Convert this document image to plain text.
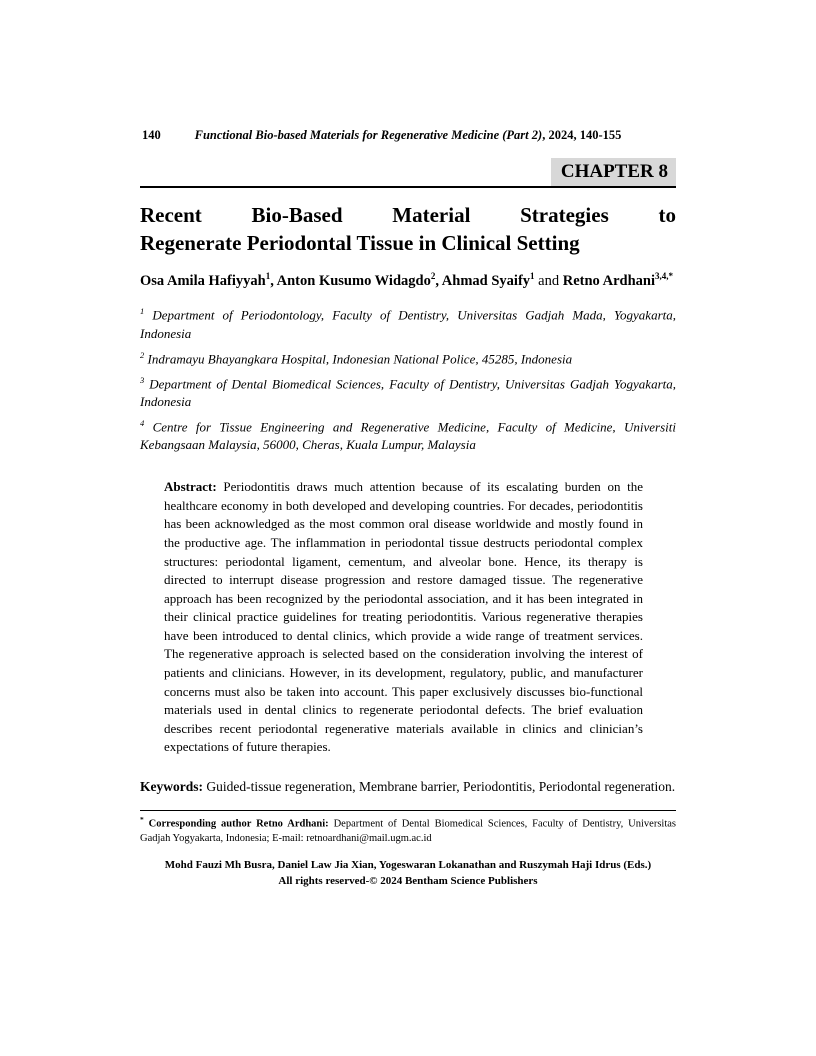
140	Functional Bio-based Materials for Regenerative Medicine (Part 2), 2024, 140-155
CHAPTER 8
Recent Bio-Based Material Strategies to
Regenerate Periodontal Tissue in Clinical Setting

Osa Amila Hafiyyah$^1$, Anton Kusumo Widagdo$^2$, Ahmad Syaify$^1$ and Retno Ardhani$^{3,4,*}$

$^1$ Department of Periodontology, Faculty of Dentistry, Universitas Gadjah Mada, Yogyakarta, Indonesia

$^2$ Indramayu Bhayangkara Hospital, Indonesian National Police, 45285, Indonesia

$^3$ Department of Dental Biomedical Sciences, Faculty of Dentistry, Universitas Gadjah Yogyakarta, Indonesia

$^4$ Centre for Tissue Engineering and Regenerative Medicine, Faculty of Medicine, Universiti Kebangsaan Malaysia, 56000, Cheras, Kuala Lumpur, Malaysia

Abstract: Periodontitis draws much attention because of its escalating burden on the healthcare economy in both developed and developing countries. For decades, periodontitis has been acknowledged as the most common oral disease worldwide and mostly found in the productive age. The inflammation in periodontal tissue destructs periodontal complex structures: periodontal ligament, cementum, and alveolar bone. Hence, its therapy is directed to interrupt disease progression and restore damaged tissue. The regenerative approach has been recognized by the periodontal association, and it has been integrated in their clinical practice guidelines for treating periodontitis. Various regenerative therapies have been introduced to dental clinics, which provide a wide range of treatment services. The regenerative approach is selected based on the consideration involving the interest of patients and clinicians. However, in its development, regulatory, public, and manufacturer concerns must also be taken into account. This paper exclusively discusses bio-functional materials used in dental clinics to regenerate periodontal defects. The brief evaluation describes recent periodontal regenerative materials available in clinics and clinician’s expectations of future therapies.

Keywords: Guided-tissue regeneration, Membrane barrier, Periodontitis, Periodontal regeneration.

* Corresponding author Retno Ardhani: Department of Dental Biomedical Sciences, Faculty of Dentistry, Universitas Gadjah Yogyakarta, Indonesia; E-mail: retnoardhani@mail.ugm.ac.id

Mohd Fauzi Mh Busra, Daniel Law Jia Xian, Yogeswaran Lokanathan and Ruszymah Haji Idrus (Eds.)
All rights reserved-© 2024 Bentham Science Publishers
